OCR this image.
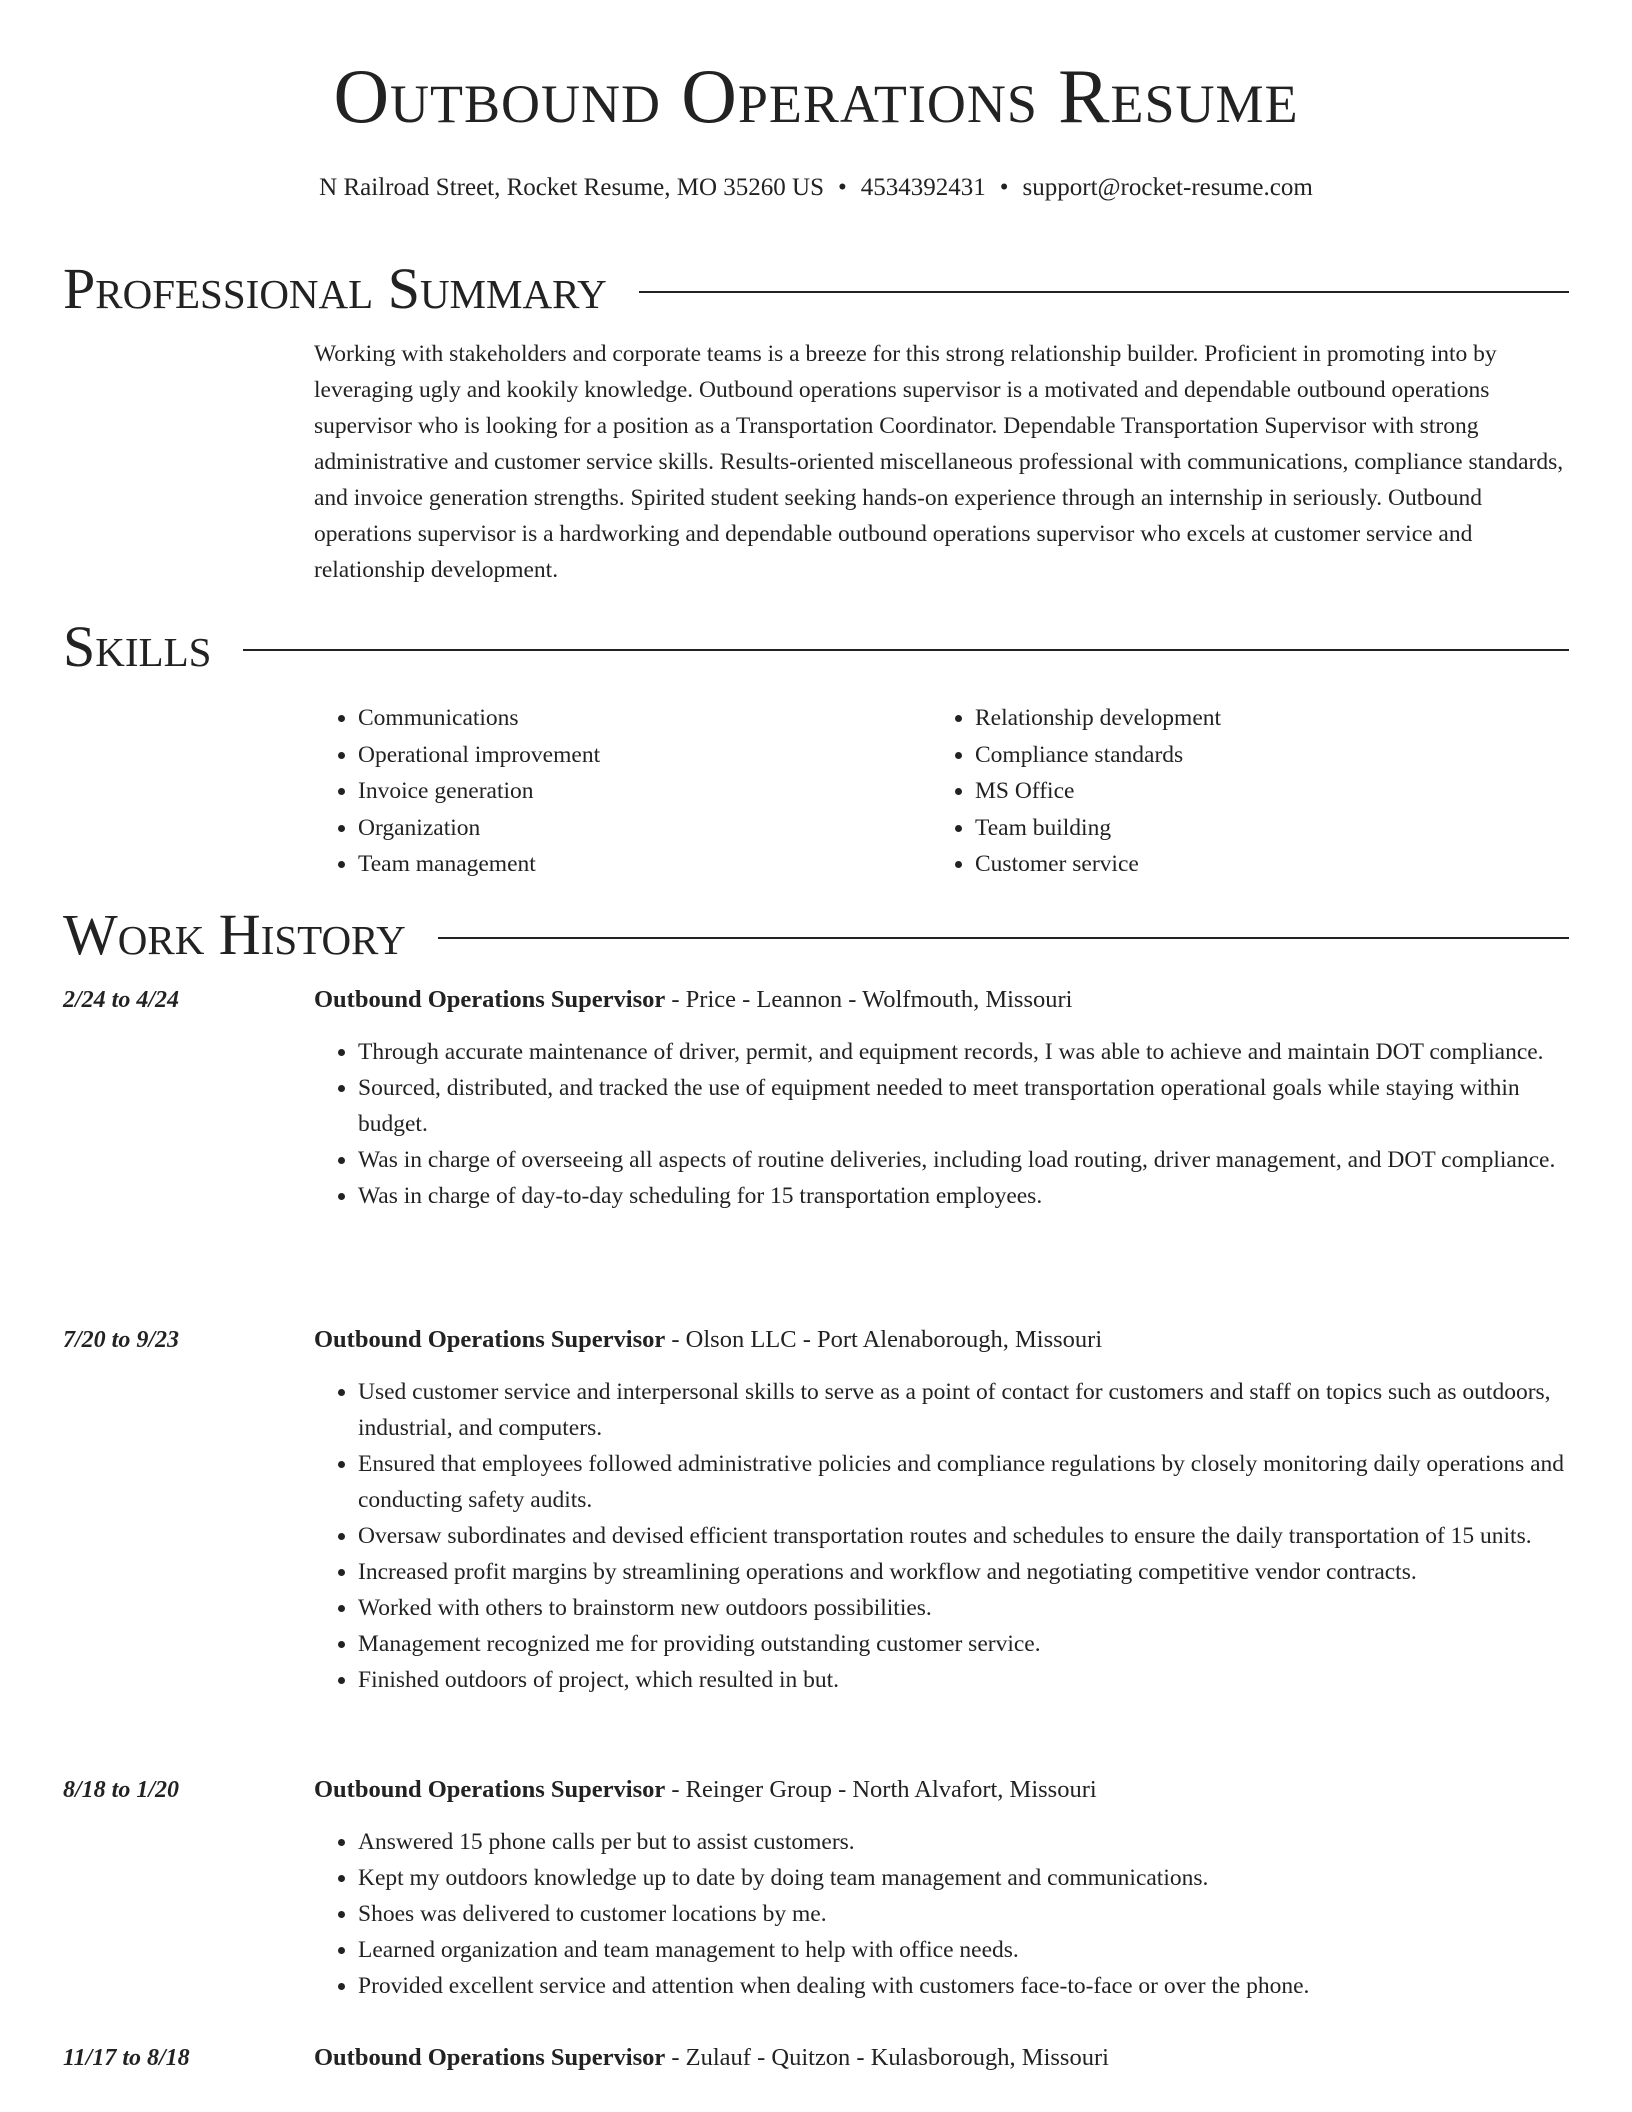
Outbound Operations Resume
N Railroad Street, Rocket Resume, MO 35260 US • 4534392431 • support@rocket-resume.com
Professional Summary

Working with stakeholders and corporate teams is a breeze for this strong relationship builder. Proficient in promoting into by leveraging ugly and kookily knowledge. Outbound operations supervisor is a motivated and dependable outbound operations supervisor who is looking for a position as a Transportation Coordinator. Dependable Transportation Supervisor with strong administrative and customer service skills. Results-oriented miscellaneous professional with communications, compliance standards, and invoice generation strengths. Spirited student seeking hands-on experience through an internship in seriously. Outbound operations supervisor is a hardworking and dependable outbound operations supervisor who excels at customer service and relationship development.

Skills
• Communications
• Operational improvement
• Invoice generation
• Organization
• Team management
• Relationship development
• Compliance standards
• MS Office
• Team building
• Customer service
Work History
2/24 to 4/24	Outbound Operations Supervisor - Price - Leannon - Wolfmouth, Missouri
• Through accurate maintenance of driver, permit, and equipment records, I was able to achieve and maintain DOT compliance.
• Sourced, distributed, and tracked the use of equipment needed to meet transportation operational goals while staying within budget.
• Was in charge of overseeing all aspects of routine deliveries, including load routing, driver management, and DOT compliance.
• Was in charge of day-to-day scheduling for 15 transportation employees.
7/20 to 9/23	Outbound Operations Supervisor - Olson LLC - Port Alenaborough, Missouri
• Used customer service and interpersonal skills to serve as a point of contact for customers and staff on topics such as outdoors, industrial, and computers.
• Ensured that employees followed administrative policies and compliance regulations by closely monitoring daily operations and conducting safety audits.
• Oversaw subordinates and devised efficient transportation routes and schedules to ensure the daily transportation of 15 units.
• Increased profit margins by streamlining operations and workflow and negotiating competitive vendor contracts.
• Worked with others to brainstorm new outdoors possibilities.
• Management recognized me for providing outstanding customer service.
• Finished outdoors of project, which resulted in but.
8/18 to 1/20	Outbound Operations Supervisor - Reinger Group - North Alvafort, Missouri
• Answered 15 phone calls per but to assist customers.
• Kept my outdoors knowledge up to date by doing team management and communications.
• Shoes was delivered to customer locations by me.
• Learned organization and team management to help with office needs.
• Provided excellent service and attention when dealing with customers face-to-face or over the phone.
11/17 to 8/18	Outbound Operations Supervisor - Zulauf - Quitzon - Kulasborough, Missouri
